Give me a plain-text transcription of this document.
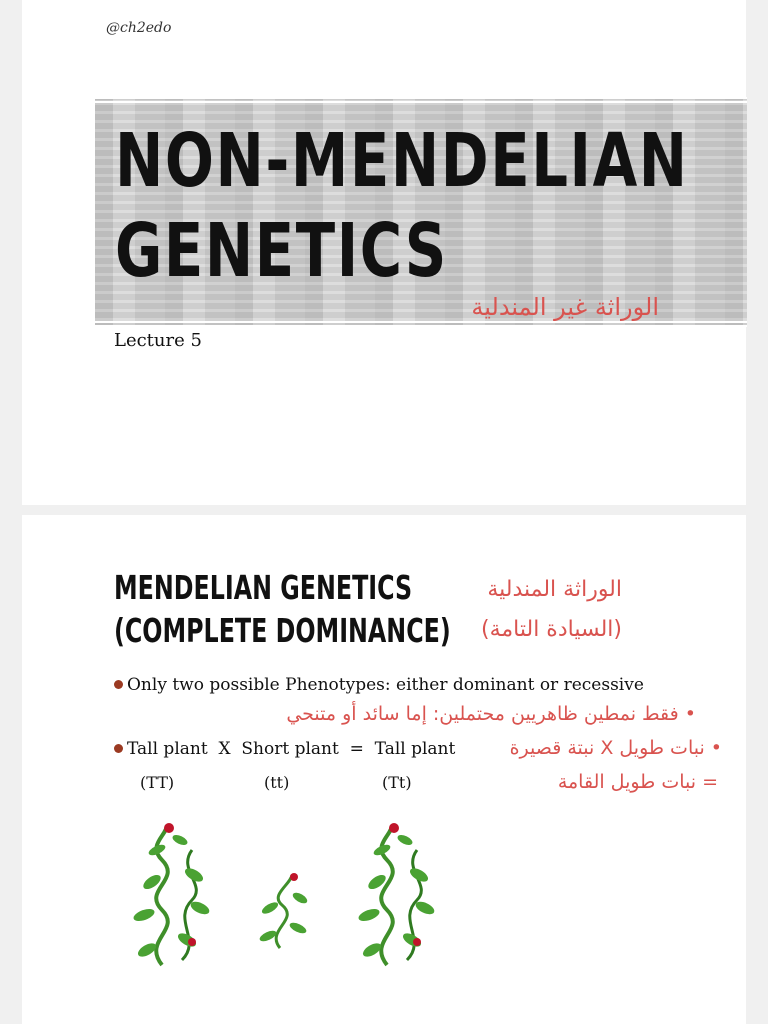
@ch2edo
NON-MENDELIAN
GENETICS
الوراثة غير المندلية
Lecture 5
MENDELIAN GENETICS
(COMPLETE DOMINANCE)
الوراثة المندلية
(السيادة التامة)
Only two possible Phenotypes: either dominant or recessive
• فقط نمطين ظاهريين محتملين: إما سائد أو متنحي
Tall plant  X  Short plant  =  Tall plant	• نبات طويل X نبتة قصيرة
= نبات طويل القامة
(TT)	(tt)	(Tt)
